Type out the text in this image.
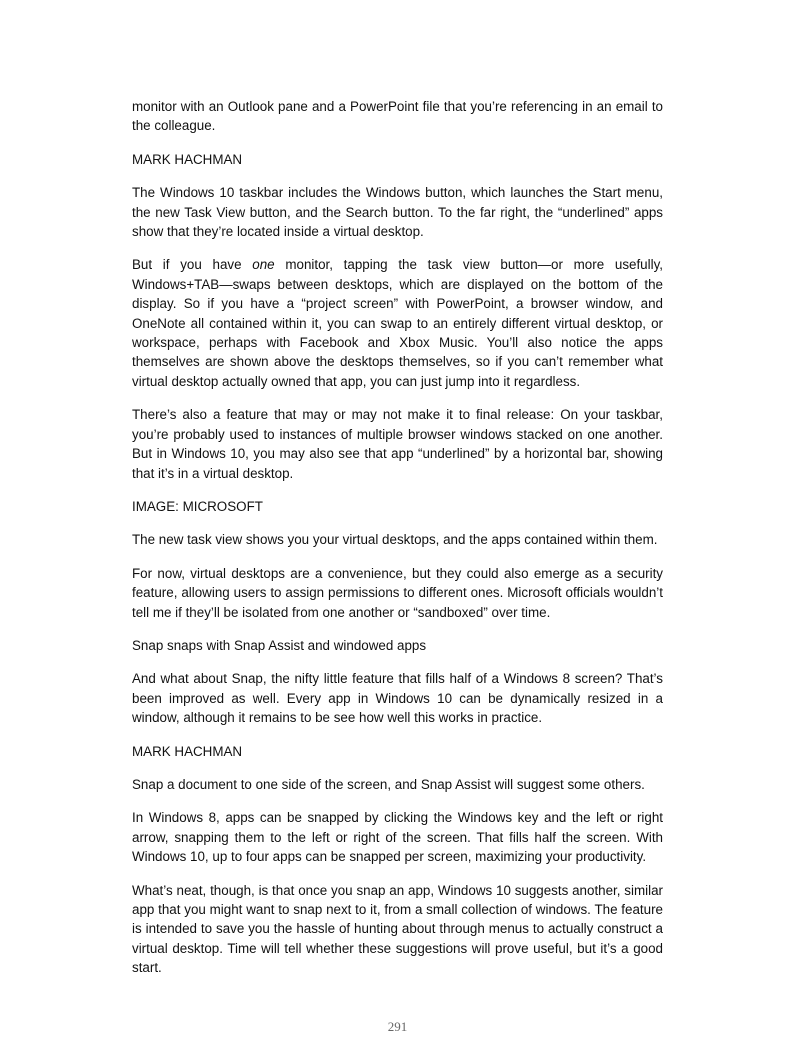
monitor with an Outlook pane and a PowerPoint file that you’re referencing in an email to the colleague.

MARK HACHMAN

The Windows 10 taskbar includes the Windows button, which launches the Start menu, the new Task View button, and the Search button. To the far right, the “underlined” apps show that they’re located inside a virtual desktop.

But if you have one monitor, tapping the task view button—or more usefully, Windows+TAB—swaps between desktops, which are displayed on the bottom of the display. So if you have a “project screen” with PowerPoint, a browser window, and OneNote all contained within it, you can swap to an entirely different virtual desktop, or workspace, perhaps with Facebook and Xbox Music. You’ll also notice the apps themselves are shown above the desktops themselves, so if you can’t remember what virtual desktop actually owned that app, you can just jump into it regardless.

There’s also a feature that may or may not make it to final release: On your taskbar, you’re probably used to instances of multiple browser windows stacked on one another. But in Windows 10, you may also see that app “underlined” by a horizontal bar, showing that it’s in a virtual desktop.

IMAGE: MICROSOFT

The new task view shows you your virtual desktops, and the apps contained within them.

For now, virtual desktops are a convenience, but they could also emerge as a security feature, allowing users to assign permissions to different ones. Microsoft officials wouldn’t tell me if they’ll be isolated from one another or “sandboxed” over time.

Snap snaps with Snap Assist and windowed apps

And what about Snap, the nifty little feature that fills half of a Windows 8 screen? That’s been improved as well. Every app in Windows 10 can be dynamically resized in a window, although it remains to be see how well this works in practice.

MARK HACHMAN

Snap a document to one side of the screen, and Snap Assist will suggest some others.

In Windows 8, apps can be snapped by clicking the Windows key and the left or right arrow, snapping them to the left or right of the screen. That fills half the screen. With Windows 10, up to four apps can be snapped per screen, maximizing your productivity.

What’s neat, though, is that once you snap an app, Windows 10 suggests another, similar app that you might want to snap next to it, from a small collection of windows. The feature is intended to save you the hassle of hunting about through menus to actually construct a virtual desktop. Time will tell whether these suggestions will prove useful, but it’s a good start.

291
